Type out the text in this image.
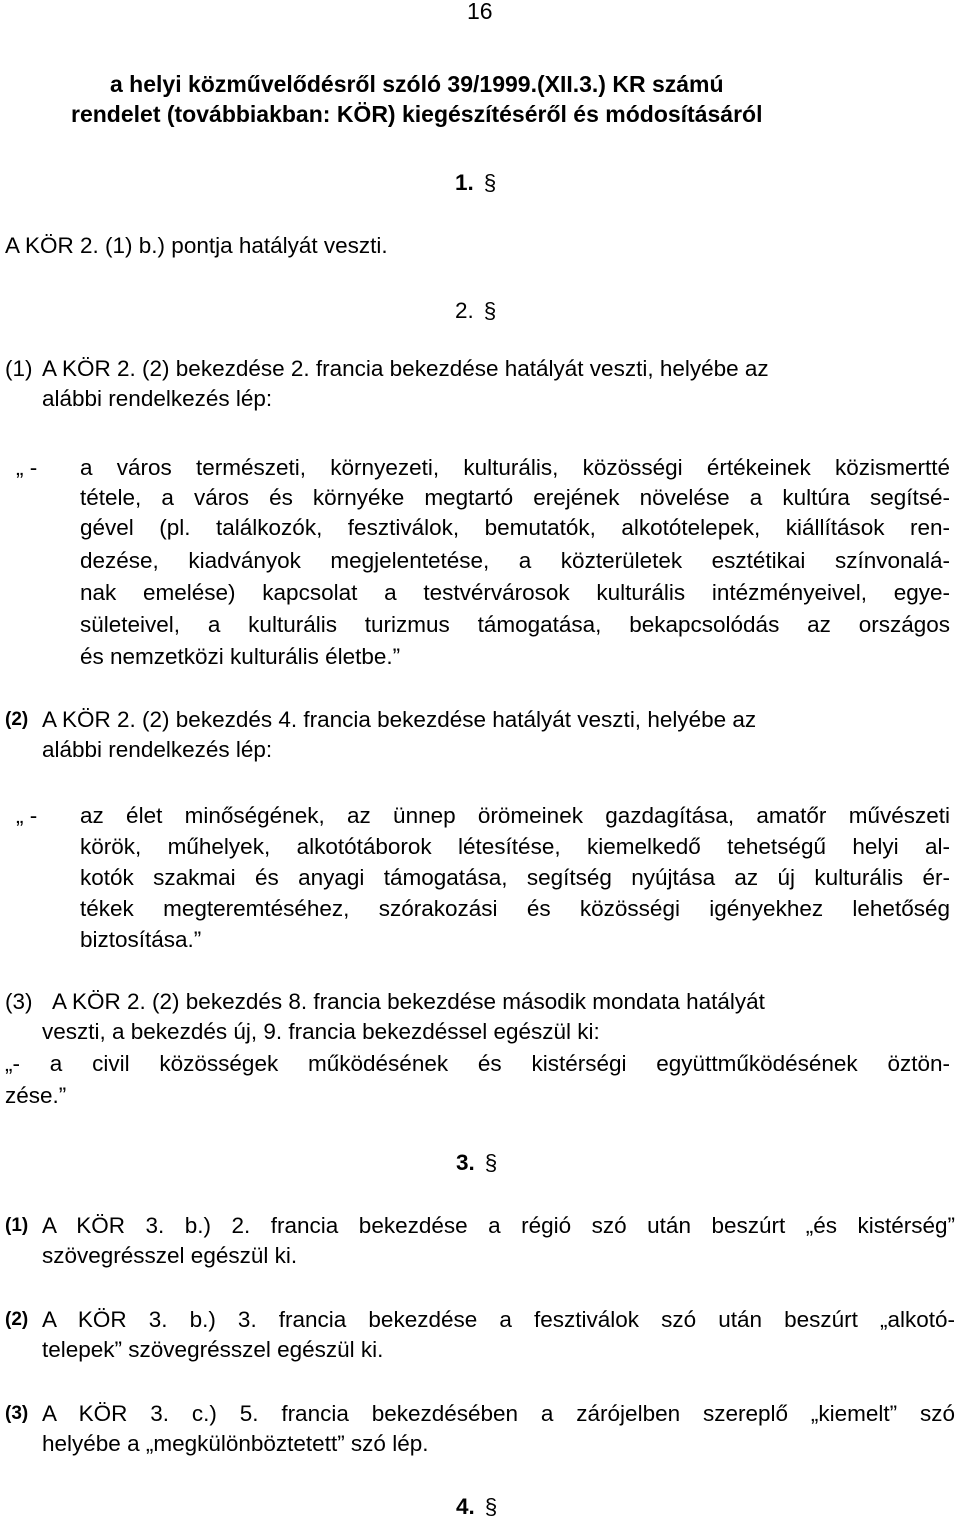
16
a helyi közművelődésről szóló 39/1999.(XII.3.) KR számú
rendelet (továbbiakban: KÖR) kiegészítéséről és módosításáról
1. §
A KÖR 2. (1) b.) pontja hatályát veszti.
2. §
(1) A KÖR 2. (2) bekezdése 2. francia bekezdése hatályát veszti, helyébe az
alábbi rendelkezés lép:
„ - a város természeti, környezeti, kulturális, közösségi értékeinek közismertté
tétele, a város és környéke megtartó erejének növelése a kultúra segítsé-
gével (pl. találkozók, fesztiválok, bemutatók, alkotótelepek, kiállítások ren-
dezése, kiadványok megjelentetése, a közterületek esztétikai színvonalá-
nak emelése) kapcsolat a testvérvárosok kulturális intézményeivel, egye-
sületeivel, a kulturális turizmus támogatása, bekapcsolódás az országos
és nemzetközi kulturális életbe.”
(2) A KÖR 2. (2) bekezdés 4. francia bekezdése hatályát veszti, helyébe az
alábbi rendelkezés lép:
„ - az élet minőségének, az ünnep örömeinek gazdagítása, amatőr művészeti
körök, műhelyek, alkotótáborok létesítése, kiemelkedő tehetségű helyi al-
kotók szakmai és anyagi támogatása, segítség nyújtása az új kulturális ér-
tékek megteremtéséhez, szórakozási és közösségi igényekhez lehetőség
biztosítása.”
(3) A KÖR 2. (2) bekezdés 8. francia bekezdése második mondata hatályát
veszti, a bekezdés új, 9. francia bekezdéssel egészül ki:
„- a civil közösségek működésének és kistérségi együttműködésének öztön-
zése.”
3. §
(1) A KÖR 3. b.) 2. francia bekezdése a régió szó után beszúrt „és kistérség”
szövegrésszel egészül ki.
(2) A KÖR 3. b.) 3. francia bekezdése a fesztiválok szó után beszúrt „alkotó-
telepek” szövegrésszel egészül ki.
(3) A KÖR 3. c.) 5. francia bekezdésében a zárójelben szereplő „kiemelt” szó
helyébe a „megkülönböztetett” szó lép.
4. §
